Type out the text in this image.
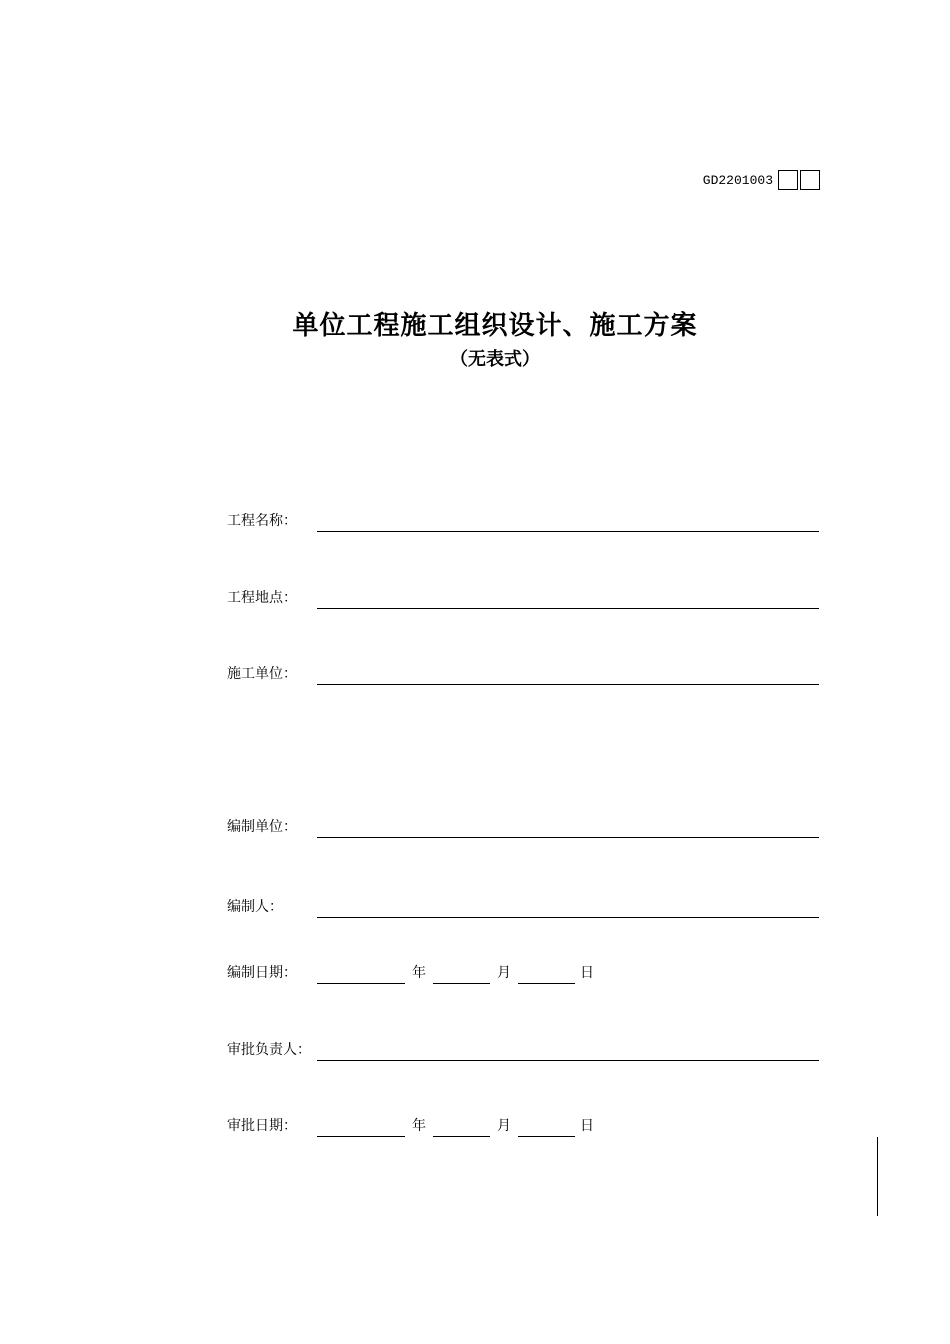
GD2201003
单位工程施工组织设计、施工方案
（无表式）
工程名称：
工程地点：
施工单位：
编制单位：
编制人：
编制日期：	年	月	日
审批负责人：
审批日期：	年	月	日
